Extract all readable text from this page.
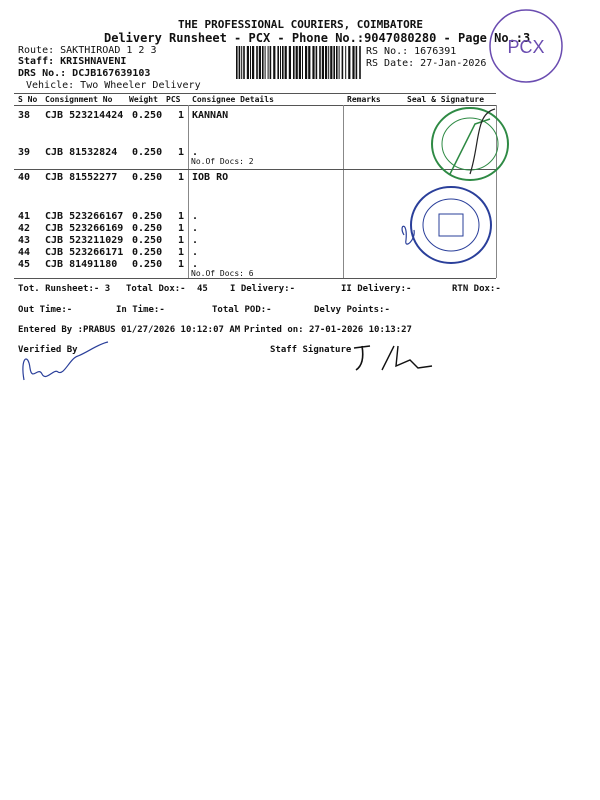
THE PROFESSIONAL COURIERS, COIMBATORE
Delivery Runsheet - PCX - Phone No.:9047080280 - Page No.:3
Route: SAKTHIROAD 1 2 3
Staff: KRISHNAVENI
DRS No.: DCJB167639103
Vehicle: Two Wheeler Delivery
RS No.: 1676391
RS Date: 27-Jan-2026
PCX
S No Consignment No Weight PCS Consignee Details	Remarks	Seal & Signature
38 CJB 523214424 0.250 1 KANNAN
39 CJB 81532824 0.250 1 .
40 CJB 81552277 0.250 1 IOB RO
41 CJB 523266167 0.250 1 .
42 CJB 523266169 0.250 1 .
43 CJB 523211029 0.250 1 .
44 CJB 523266171 0.250 1 .
45 CJB 81491180 0.250 1 .
No.Of Docs: 2
No.Of Docs: 6
Tot. Runsheet:- 3 Total Dox:- 45 I Delivery:-	II Delivery:-	RTN Dox:-
Out Time:-	In Time:-	Total POD:-	Delvy Points:-
Entered By :PRABUS 01/27/2026 10:12:07 AM Printed on: 27-01-2026 10:13:27
Verified By	Staff Signature
